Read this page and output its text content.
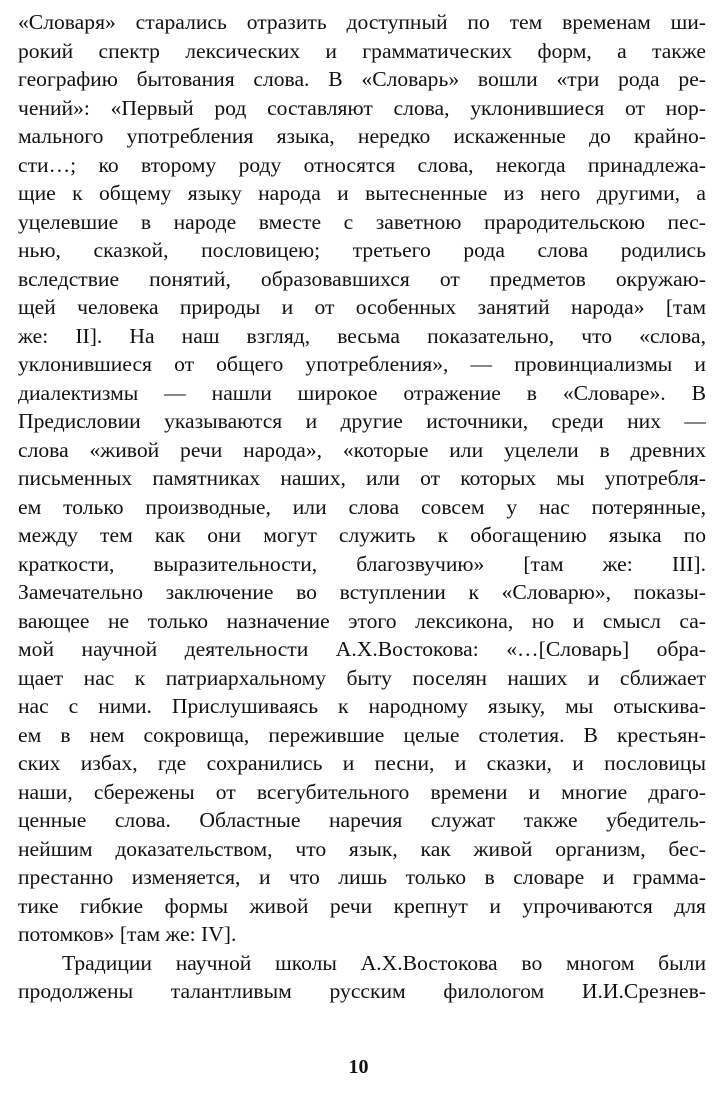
«Словаря» старались отразить доступный по тем временам ши-
рокий спектр лексических и грамматических форм, а также
географию бытования слова. В «Словарь» вошли «три рода ре-
чений»: «Первый род составляют слова, уклонившиеся от нор-
мального употребления языка, нередко искаженные до крайно-
сти…; ко второму роду относятся слова, некогда принадлежа-
щие к общему языку народа и вытесненные из него другими, а
уцелевшие в народе вместе с заветною прародительскою пес-
нью, сказкой, пословицею; третьего рода слова родились
вследствие понятий, образовавшихся от предметов окружаю-
щей человека природы и от особенных занятий народа» [там
же: II]. На наш взгляд, весьма показательно, что «слова,
уклонившиеся от общего употребления», — провинциализмы и
диалектизмы — нашли широкое отражение в «Словаре». В
Предисловии указываются и другие источники, среди них —
слова «живой речи народа», «которые или уцелели в древних
письменных памятниках наших, или от которых мы употребля-
ем только производные, или слова совсем у нас потерянные,
между тем как они могут служить к обогащению языка по
краткости, выразительности, благозвучию» [там же: III].
Замечательно заключение во вступлении к «Словарю», показы-
вающее не только назначение этого лексикона, но и смысл са-
мой научной деятельности А.Х.Востокова: «…[Словарь] обра-
щает нас к патриархальному быту поселян наших и сближает
нас с ними. Прислушиваясь к народному языку, мы отыскива-
ем в нем сокровища, пережившие целые столетия. В крестьян-
ских избах, где сохранились и песни, и сказки, и пословицы
наши, сбережены от всегубительного времени и многие драго-
ценные слова. Областные наречия служат также убедитель-
нейшим доказательством, что язык, как живой организм, бес-
престанно изменяется, и что лишь только в словаре и грамма-
тике гибкие формы живой речи крепнут и упрочиваются для
потомков» [там же: IV].
Традиции научной школы А.Х.Востокова во многом были
продолжены талантливым русским филологом И.И.Срезнев-
10
